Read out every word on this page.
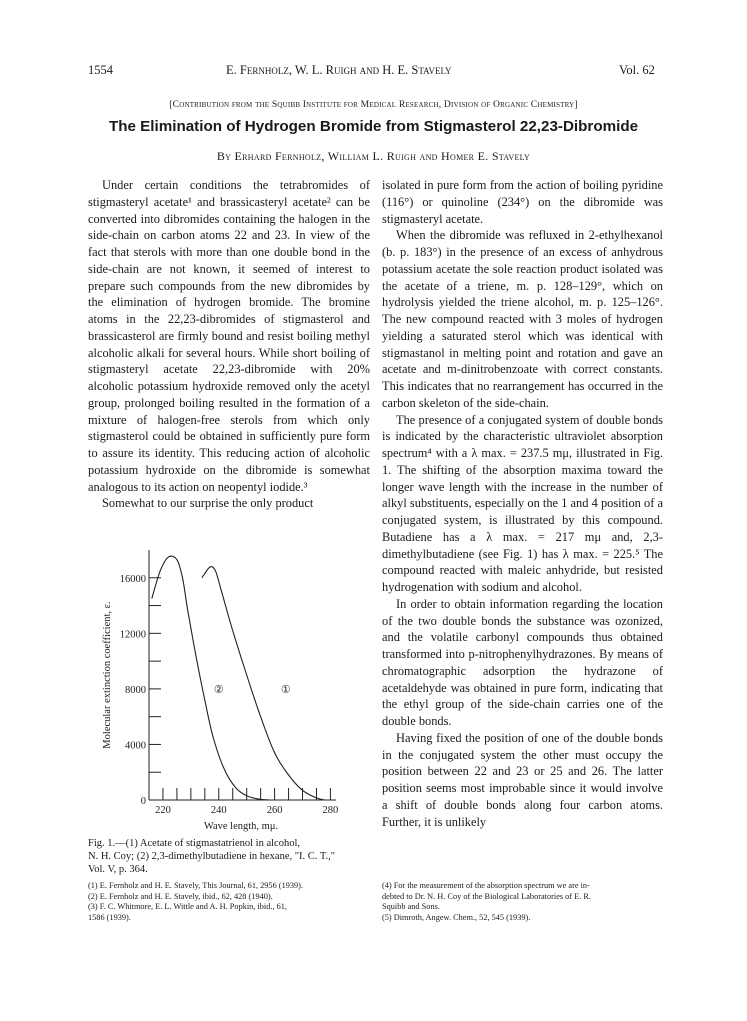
1554	E. Fernholz, W. L. Ruigh and H. E. Stavely	Vol. 62
[Contribution from the Squibb Institute for Medical Research, Division of Organic Chemistry]
The Elimination of Hydrogen Bromide from Stigmasterol 22,23-Dibromide
By Erhard Fernholz, William L. Ruigh and Homer E. Stavely

Under certain conditions the tetrabromides of stigmasteryl acetate¹ and brassicasteryl acetate² can be converted into dibromides containing the halogen in the side-chain on carbon atoms 22 and 23. In view of the fact that sterols with more than one double bond in the side-chain are not known, it seemed of interest to prepare such compounds from the new dibromides by the elimination of hydrogen bromide. The bromine atoms in the 22,23-dibromides of stigmasterol and brassicasterol are firmly bound and resist boiling methyl alcoholic alkali for several hours. While short boiling of stigmasteryl acetate 22,23-dibromide with 20% alcoholic potassium hydroxide removed only the acetyl group, prolonged boiling resulted in the formation of a mixture of halogen-free sterols from which only stigmasterol could be obtained in sufficiently pure form to assure its identity. This reducing action of alcoholic potassium hydroxide on the dibromide is somewhat analogous to its action on neopentyl iodide.³

Somewhat to our surprise the only product

0
4000
8000
12000
16000
220	240	260	280
Wave length, mμ.
Molecular extinction coefficient, ε.	①
②
Fig. 1.—(1) Acetate of stigmastatrienol in alcohol,
N. H. Coy; (2) 2,3-dimethylbutadiene in hexane, "I. C. T.,"
Vol. V, p. 364.

isolated in pure form from the action of boiling pyridine (116°) or quinoline (234°) on the dibromide was stigmasteryl acetate.

When the dibromide was refluxed in 2-ethylhexanol (b. p. 183°) in the presence of an excess of anhydrous potassium acetate the sole reaction product isolated was the acetate of a triene, m. p. 128–129°, which on hydrolysis yielded the triene alcohol, m. p. 125–126°. The new compound reacted with 3 moles of hydrogen yielding a saturated sterol which was identical with stigmastanol in melting point and rotation and gave an acetate and m-dinitrobenzoate with correct constants. This indicates that no rearrangement has occurred in the carbon skeleton of the side-chain.

The presence of a conjugated system of double bonds is indicated by the characteristic ultraviolet absorption spectrum⁴ with a λ max. = 237.5 mμ, illustrated in Fig. 1. The shifting of the absorption maxima toward the longer wave length with the increase in the number of alkyl substituents, especially on the 1 and 4 position of a conjugated system, is illustrated by this compound. Butadiene has a λ max. = 217 mμ and, 2,3-dimethylbutadiene (see Fig. 1) has λ max. = 225.⁵ The compound reacted with maleic anhydride, but resisted hydrogenation with sodium and alcohol.

In order to obtain information regarding the location of the two double bonds the substance was ozonized, and the volatile carbonyl compounds thus obtained transformed into p-nitrophenylhydrazones. By means of chromatographic adsorption the hydrazone of acetaldehyde was obtained in pure form, indicating that the ethyl group of the side-chain carries one of the double bonds.

Having fixed the position of one of the double bonds in the conjugated system the other must occupy the position between 22 and 23 or 25 and 26. The latter position seems most improbable since it would involve a shift of double bonds along four carbon atoms. Further, it is unlikely

(1) E. Fernholz and H. E. Stavely, This Journal, 61, 2956 (1939).
(2) E. Fernholz and H. E. Stavely, ibid., 62, 428 (1940).
(3) F. C. Whitmore, E. L. Wittle and A. H. Popkin, ibid., 61,
1586 (1939).
(4) For the measurement of the absorption spectrum we are in-
debted to Dr. N. H. Coy of the Biological Laboratories of E. R.
Squibb and Sons.
(5) Dimroth, Angew. Chem., 52, 545 (1939).
